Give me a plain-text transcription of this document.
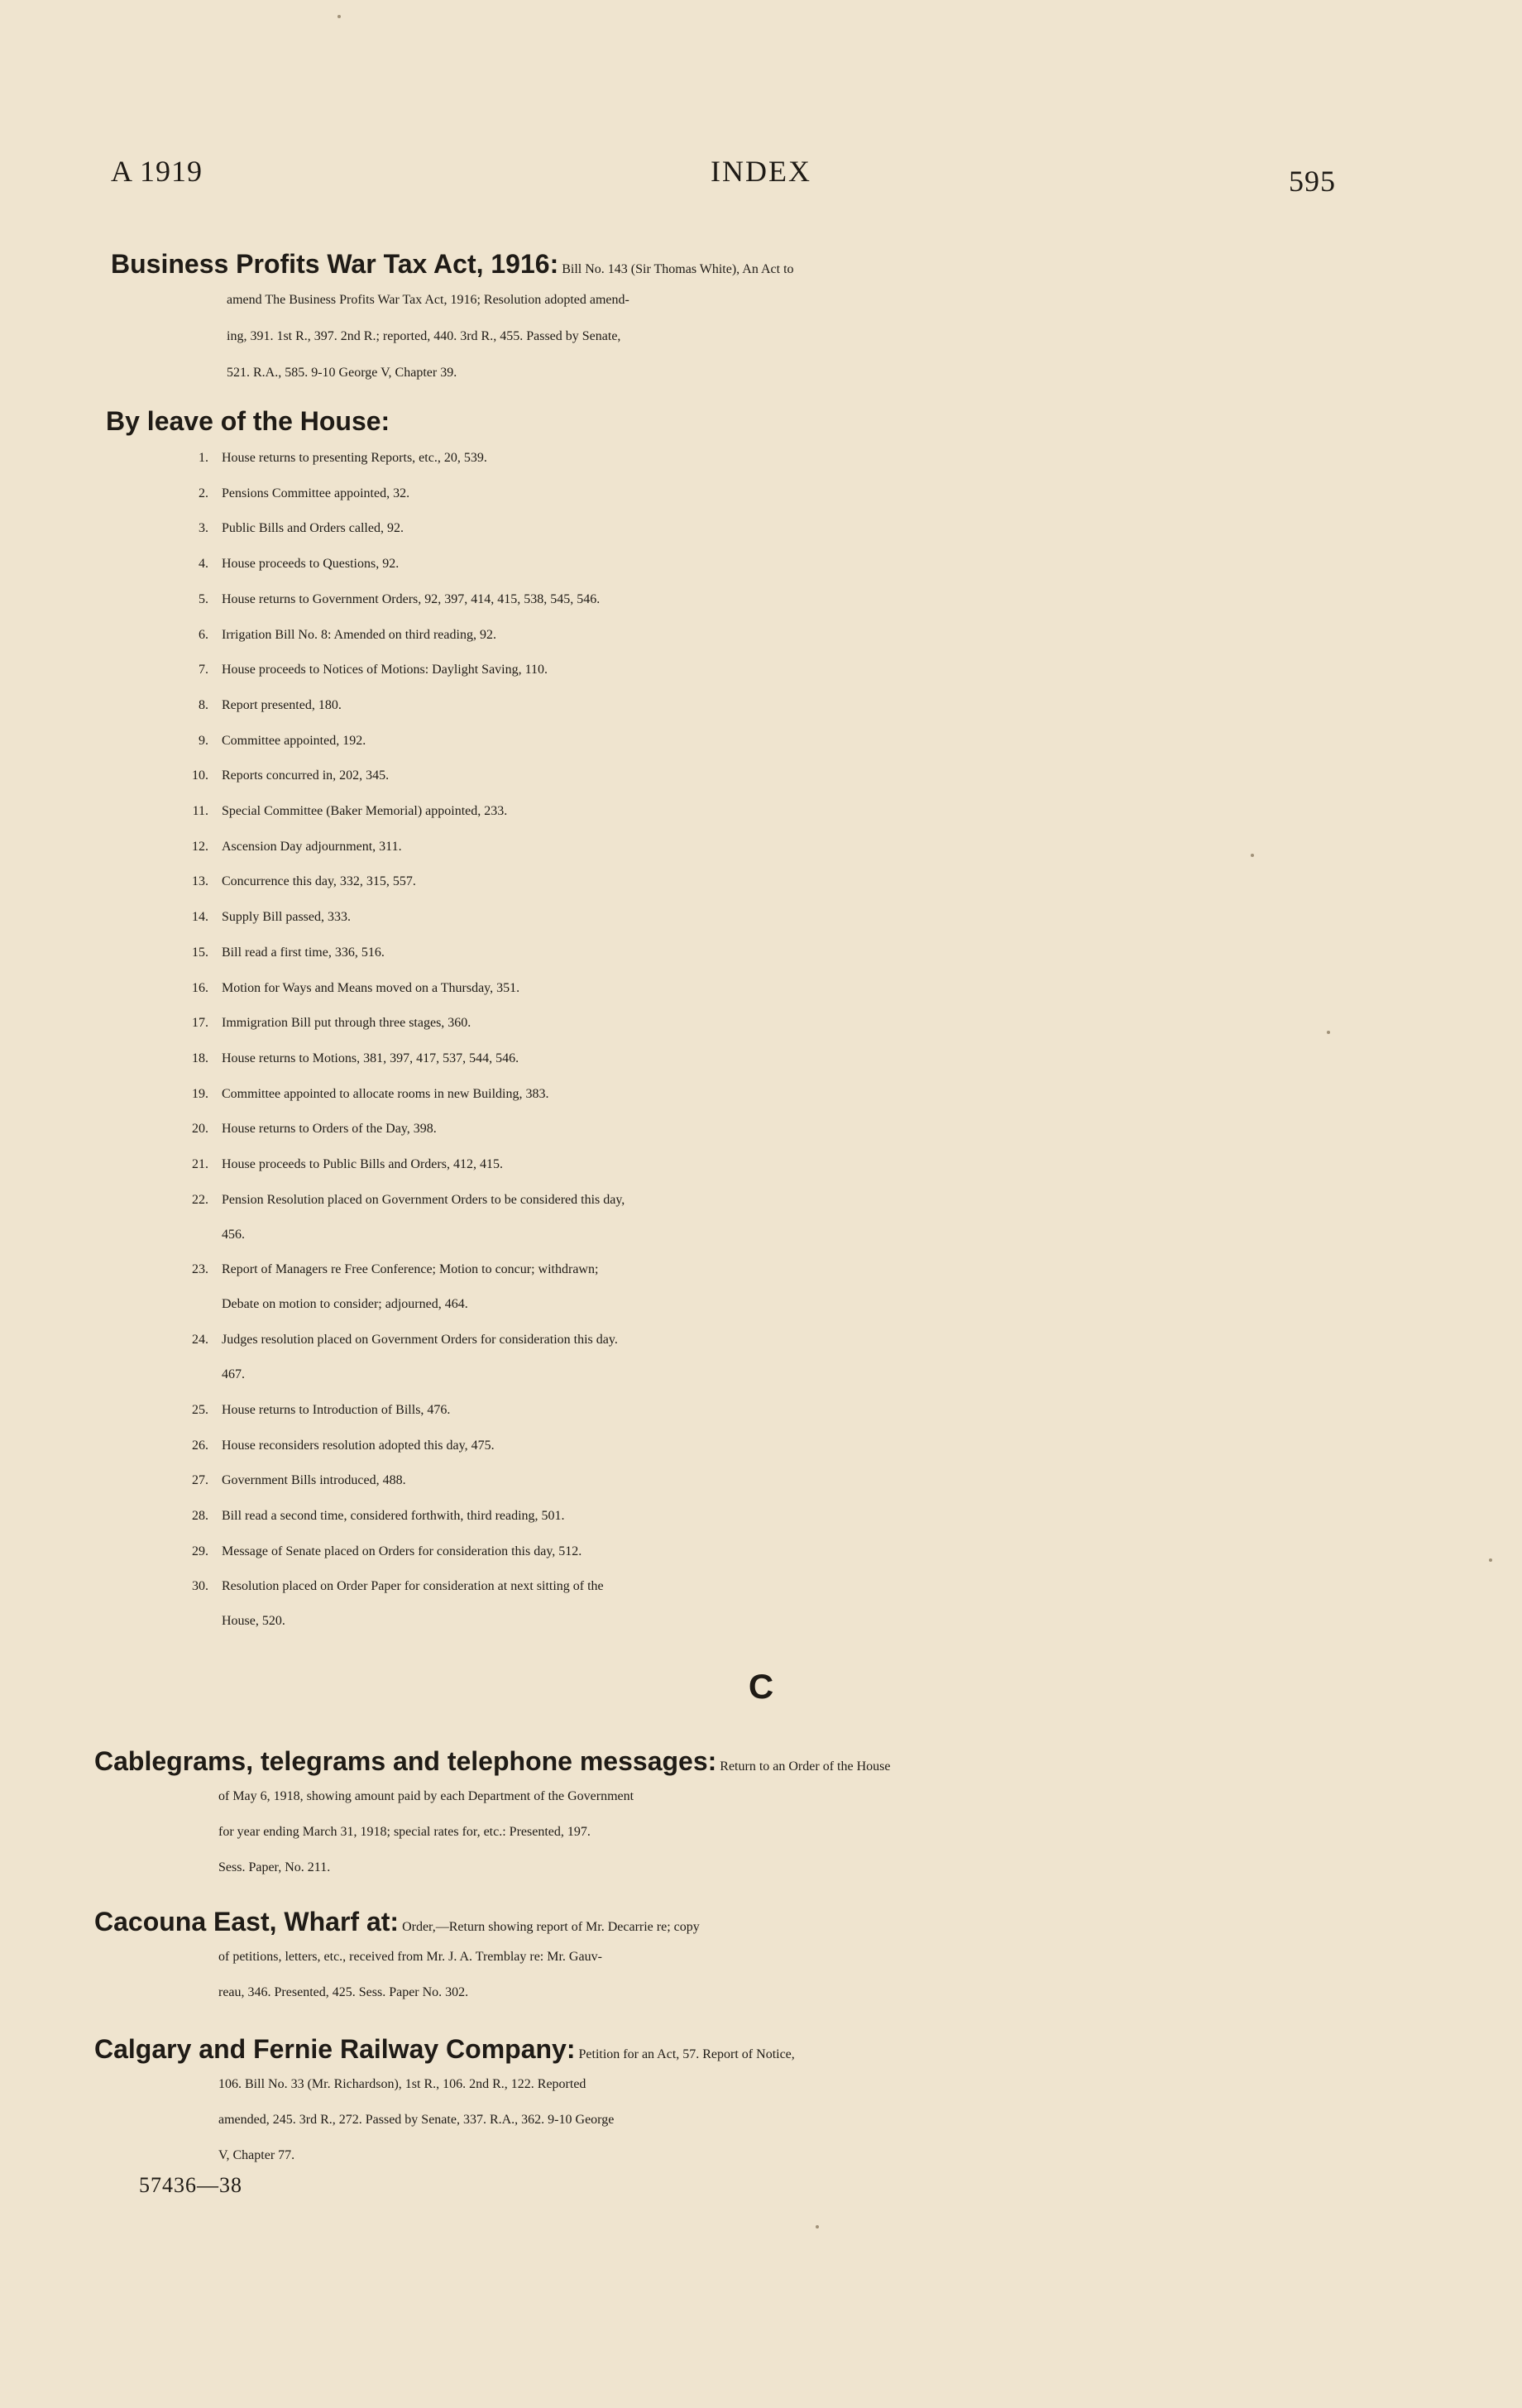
A 1919	INDEX	595
Business Profits War Tax Act, 1916: Bill No. 143 (Sir Thomas White), An Act to
amend The Business Profits War Tax Act, 1916; Resolution adopted amend-
ing, 391. 1st R., 397. 2nd R.; reported, 440. 3rd R., 455. Passed by Senate,
521. R.A., 585. 9-10 George V, Chapter 39.
By leave of the House:
1. House returns to presenting Reports, etc., 20, 539.
2. Pensions Committee appointed, 32.
3. Public Bills and Orders called, 92.
4. House proceeds to Questions, 92.
5. House returns to Government Orders, 92, 397, 414, 415, 538, 545, 546.
6. Irrigation Bill No. 8: Amended on third reading, 92.
7. House proceeds to Notices of Motions: Daylight Saving, 110.
8. Report presented, 180.
9. Committee appointed, 192.
10. Reports concurred in, 202, 345.
11. Special Committee (Baker Memorial) appointed, 233.
12. Ascension Day adjournment, 311.
13. Concurrence this day, 332, 315, 557.
14. Supply Bill passed, 333.
15. Bill read a first time, 336, 516.
16. Motion for Ways and Means moved on a Thursday, 351.
17. Immigration Bill put through three stages, 360.
18. House returns to Motions, 381, 397, 417, 537, 544, 546.
19. Committee appointed to allocate rooms in new Building, 383.
20. House returns to Orders of the Day, 398.
21. House proceeds to Public Bills and Orders, 412, 415.
22. Pension Resolution placed on Government Orders to be considered this day,
456.
23. Report of Managers re Free Conference; Motion to concur; withdrawn;
Debate on motion to consider; adjourned, 464.
24. Judges resolution placed on Government Orders for consideration this day.
467.
25. House returns to Introduction of Bills, 476.
26. House reconsiders resolution adopted this day, 475.
27. Government Bills introduced, 488.
28. Bill read a second time, considered forthwith, third reading, 501.
29. Message of Senate placed on Orders for consideration this day, 512.
30. Resolution placed on Order Paper for consideration at next sitting of the
House, 520.
C
Cablegrams, telegrams and telephone messages: Return to an Order of the House
of May 6, 1918, showing amount paid by each Department of the Government
for year ending March 31, 1918; special rates for, etc.: Presented, 197.
Sess. Paper, No. 211.
Cacouna East, Wharf at: Order,—Return showing report of Mr. Decarrie re; copy
of petitions, letters, etc., received from Mr. J. A. Tremblay re: Mr. Gauv-
reau, 346. Presented, 425. Sess. Paper No. 302.
Calgary and Fernie Railway Company: Petition for an Act, 57. Report of Notice,
106. Bill No. 33 (Mr. Richardson), 1st R., 106. 2nd R., 122. Reported
amended, 245. 3rd R., 272. Passed by Senate, 337. R.A., 362. 9-10 George
V, Chapter 77.
57436—38
